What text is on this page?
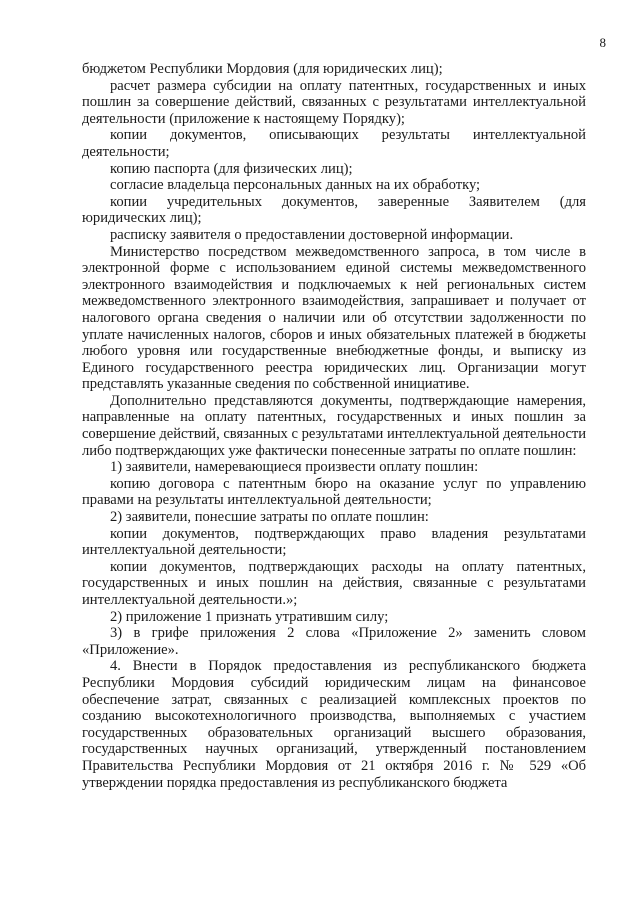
8

бюджетом Республики Мордовия (для юридических лиц);

расчет размера субсидии на оплату патентных, государственных и иных пошлин за совершение действий, связанных с результатами интеллектуальной деятельности (приложение к настоящему Порядку);

копии документов, описывающих результаты интеллектуальной деятельности;

копию паспорта (для физических лиц);

согласие владельца персональных данных на их обработку;

копии учредительных документов, заверенные Заявителем (для юридических лиц);

расписку заявителя о предоставлении достоверной информации.

Министерство посредством межведомственного запроса, в том числе в электронной форме с использованием единой системы межведомственного электронного взаимодействия и подключаемых к ней региональных систем межведомственного электронного взаимодействия, запрашивает и получает от налогового органа сведения о наличии или об отсутствии задолженности по уплате начисленных налогов, сборов и иных обязательных платежей в бюджеты любого уровня или государственные внебюджетные фонды, и выписку из Единого государственного реестра юридических лиц. Организации могут представлять указанные сведения по собственной инициативе.

Дополнительно представляются документы, подтверждающие намерения, направленные на оплату патентных, государственных и иных пошлин за совершение действий, связанных с результатами интеллектуальной деятельности либо подтверждающих уже фактически понесенные затраты по оплате пошлин:

1) заявители, намеревающиеся произвести оплату пошлин:

копию договора с патентным бюро на оказание услуг по управлению правами на результаты интеллектуальной деятельности;

2) заявители, понесшие затраты по оплате пошлин:

копии документов, подтверждающих право владения результатами интеллектуальной деятельности;

копии документов, подтверждающих расходы на оплату патентных, государственных и иных пошлин на действия, связанные с результатами интеллектуальной деятельности.»;

2) приложение 1 признать утратившим силу;

3) в грифе приложения 2 слова «Приложение 2» заменить словом «Приложение».

4. Внести в Порядок предоставления из республиканского бюджета Республики Мордовия субсидий юридическим лицам на финансовое обеспечение затрат, связанных с реализацией комплексных проектов по созданию высокотехнологичного производства, выполняемых с участием государственных образовательных организаций высшего образования, государственных научных организаций, утвержденный постановлением Правительства Республики Мордовия от 21 октября 2016 г. № 529 «Об утверждении порядка предоставления из республиканского бюджета
